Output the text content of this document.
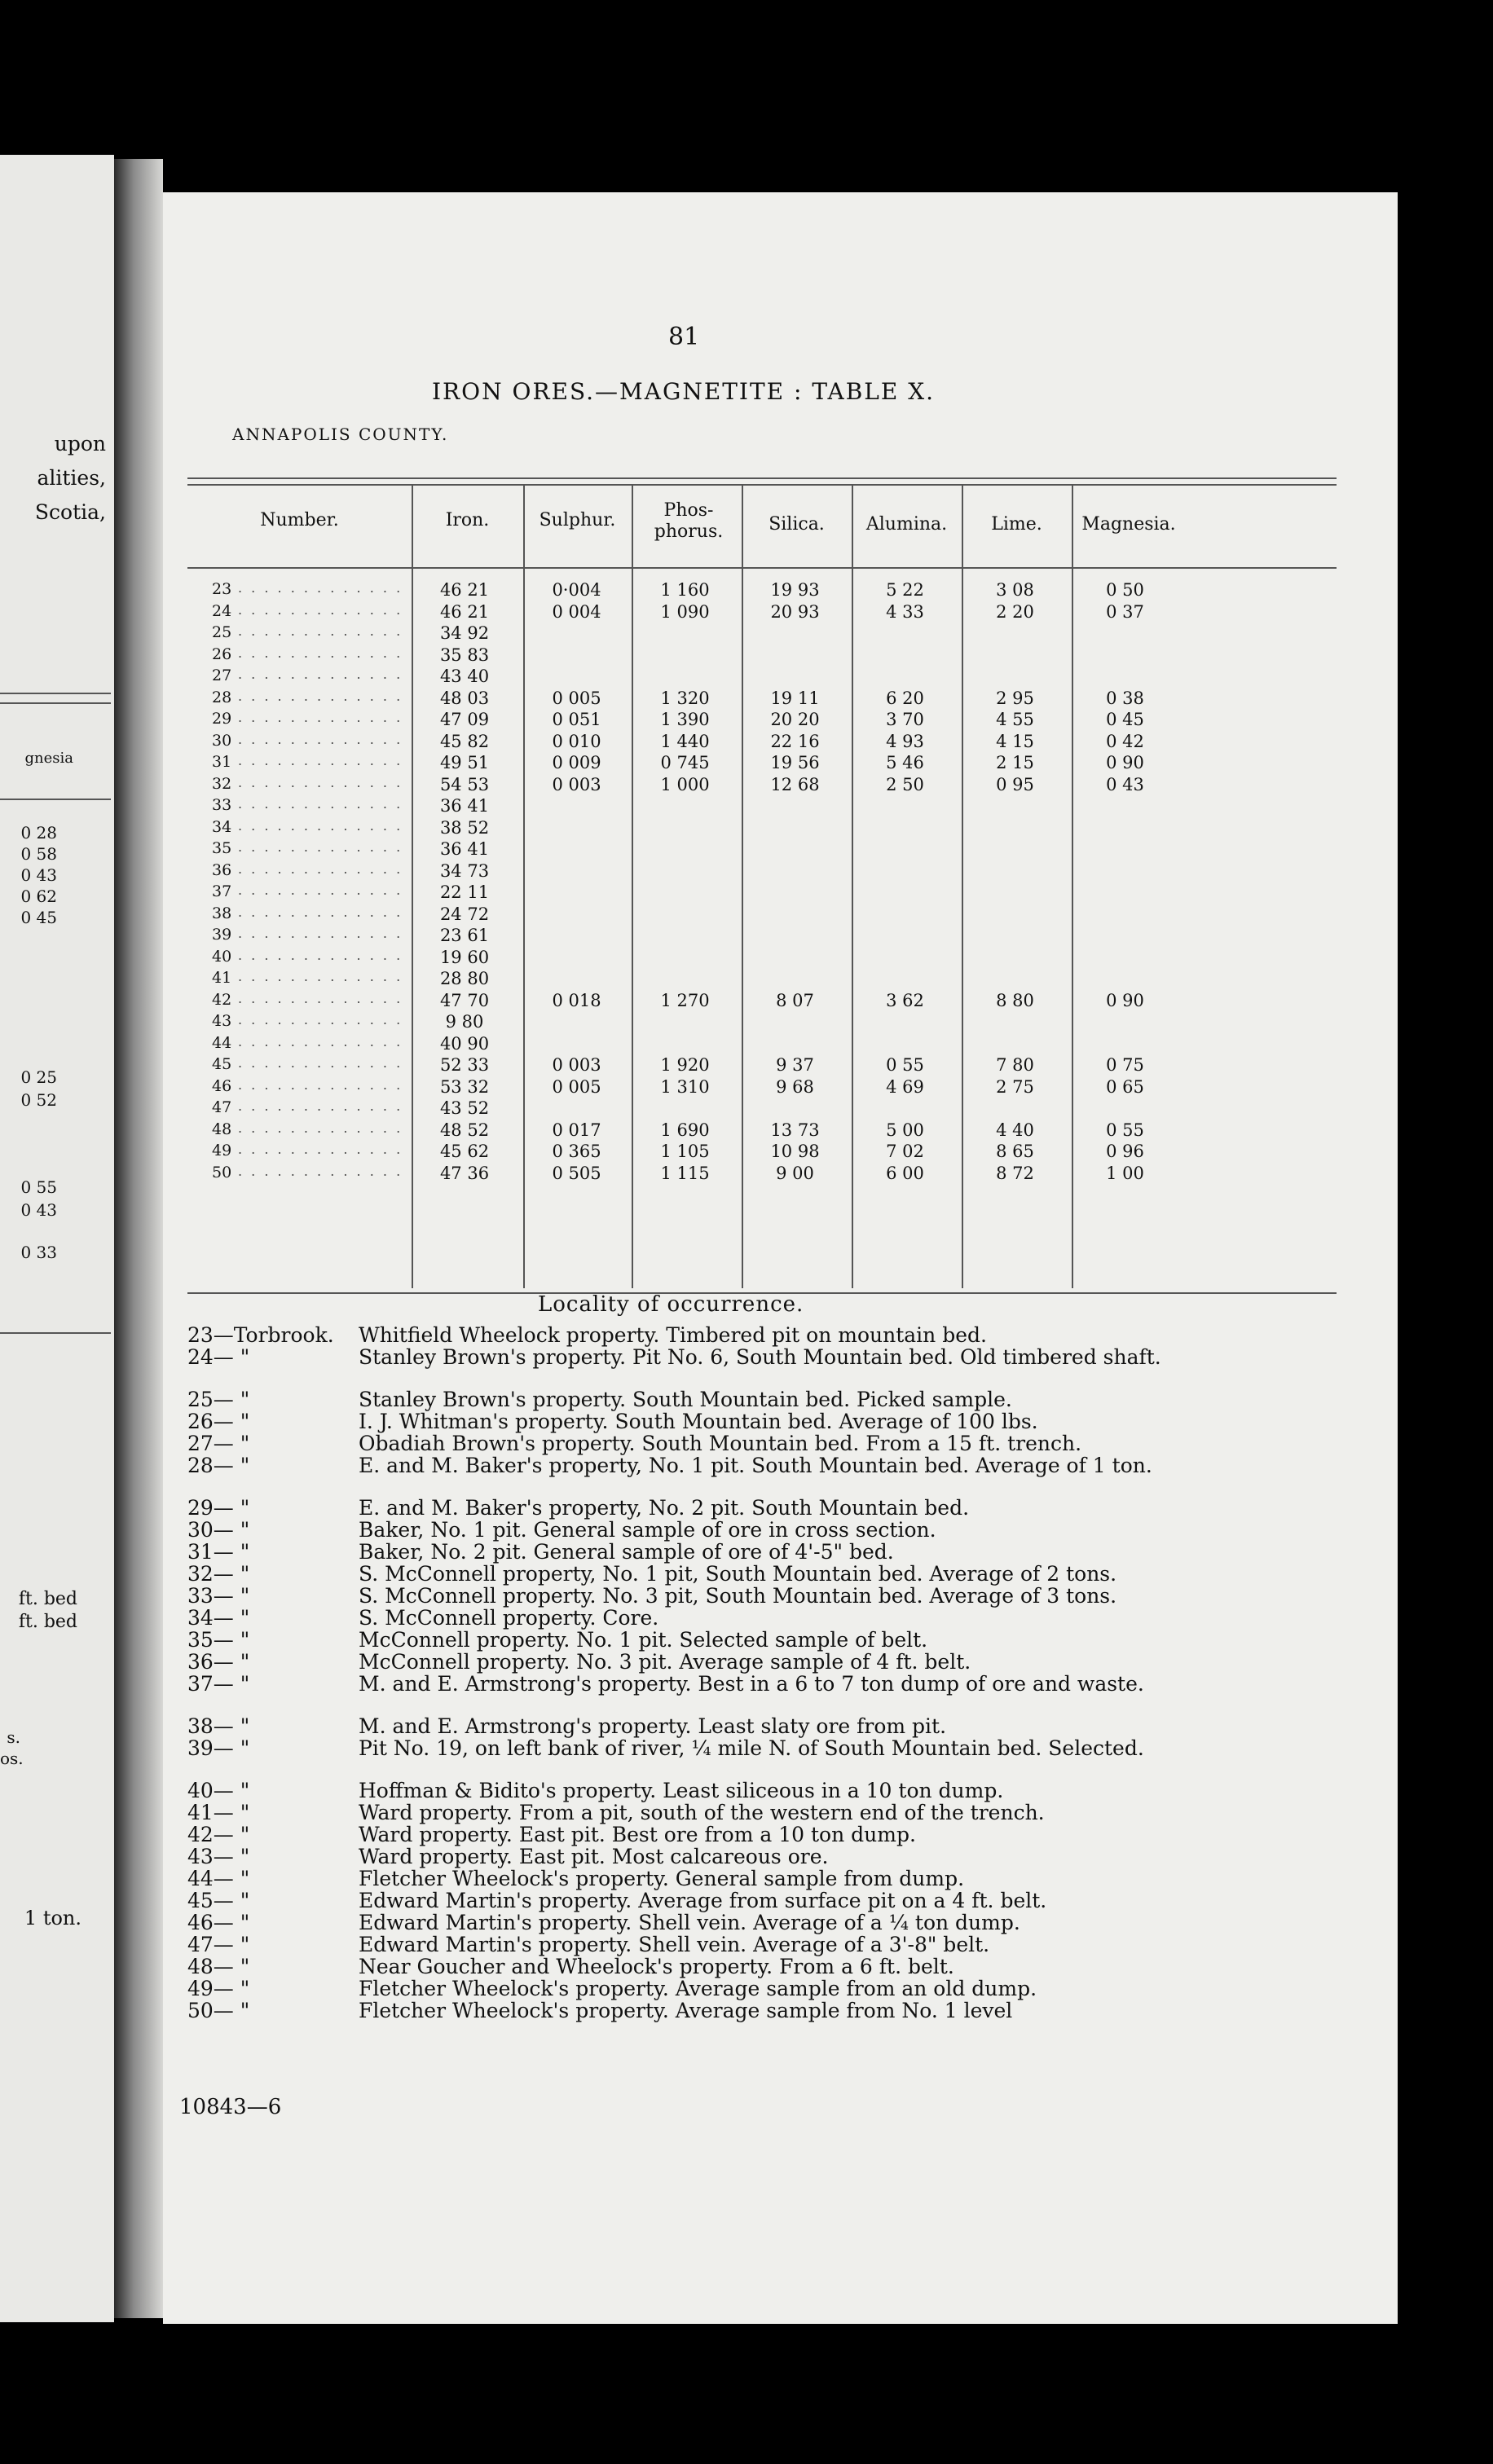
upon
alities,
Scotia,
gnesia
0 28
0 58
0 43
0 62
0 45
0 25
0 52
0 55
0 43
0 33
ft. bed
ft. bed
s.
os.
1 ton.
81
IRON ORES.—MAGNETITE : TABLE X.
ANNAPOLIS COUNTY.
Number.	Iron.	Sulphur.	Phos- phorus.	Silica.	Alumina.	Lime.	Magnesia.
23 . . . . . . . . . . . . .	46 21	0·004	1 160	19 93	5 22	3 08	0 50
24 . . . . . . . . . . . . .	46 21	0 004	1 090	20 93	4 33	2 20	0 37
25 . . . . . . . . . . . . .	34 92
26 . . . . . . . . . . . . .	35 83
27 . . . . . . . . . . . . .	43 40
28 . . . . . . . . . . . . .	48 03	0 005	1 320	19 11	6 20	2 95	0 38
29 . . . . . . . . . . . . .	47 09	0 051	1 390	20 20	3 70	4 55	0 45
30 . . . . . . . . . . . . .	45 82	0 010	1 440	22 16	4 93	4 15	0 42
31 . . . . . . . . . . . . .	49 51	0 009	0 745	19 56	5 46	2 15	0 90
32 . . . . . . . . . . . . .	54 53	0 003	1 000	12 68	2 50	0 95	0 43
33 . . . . . . . . . . . . .	36 41
34 . . . . . . . . . . . . .	38 52
35 . . . . . . . . . . . . .	36 41
36 . . . . . . . . . . . . .	34 73
37 . . . . . . . . . . . . .	22 11
38 . . . . . . . . . . . . .	24 72
39 . . . . . . . . . . . . .	23 61
40 . . . . . . . . . . . . .	19 60
41 . . . . . . . . . . . . .	28 80
42 . . . . . . . . . . . . .	47 70	0 018	1 270	8 07	3 62	8 80	0 90
43 . . . . . . . . . . . . .	9 80
44 . . . . . . . . . . . . .	40 90
45 . . . . . . . . . . . . .	52 33	0 003	1 920	9 37	0 55	7 80	0 75
46 . . . . . . . . . . . . .	53 32	0 005	1 310	9 68	4 69	2 75	0 65
47 . . . . . . . . . . . . .	43 52
48 . . . . . . . . . . . . .	48 52	0 017	1 690	13 73	5 00	4 40	0 55
49 . . . . . . . . . . . . .	45 62	0 365	1 105	10 98	7 02	8 65	0 96
50 . . . . . . . . . . . . .	47 36	0 505	1 115	9 00	6 00	8 72	1 00
Locality of occurrence.
23—Torbrook.	Whitfield Wheelock property. Timbered pit on mountain bed.
24— "	Stanley Brown's property. Pit No. 6, South Mountain bed. Old timbered shaft.
25— "	Stanley Brown's property. South Mountain bed. Picked sample.
26— "	I. J. Whitman's property. South Mountain bed. Average of 100 lbs.
27— "	Obadiah Brown's property. South Mountain bed. From a 15 ft. trench.
28— "	E. and M. Baker's property, No. 1 pit. South Mountain bed. Average of 1 ton.
29— "	E. and M. Baker's property, No. 2 pit. South Mountain bed.
30— "	Baker, No. 1 pit. General sample of ore in cross section.
31— "	Baker, No. 2 pit. General sample of ore of 4'-5" bed.
32— "	S. McConnell property, No. 1 pit, South Mountain bed. Average of 2 tons.
33— "	S. McConnell property. No. 3 pit, South Mountain bed. Average of 3 tons.
34— "	S. McConnell property. Core.
35— "	McConnell property. No. 1 pit. Selected sample of belt.
36— "	McConnell property. No. 3 pit. Average sample of 4 ft. belt.
37— "	M. and E. Armstrong's property. Best in a 6 to 7 ton dump of ore and waste.
38— "	M. and E. Armstrong's property. Least slaty ore from pit.
39— "	Pit No. 19, on left bank of river, ¼ mile N. of South Mountain bed. Selected.
40— "	Hoffman & Bidito's property. Least siliceous in a 10 ton dump.
41— "	Ward property. From a pit, south of the western end of the trench.
42— "	Ward property. East pit. Best ore from a 10 ton dump.
43— "	Ward property. East pit. Most calcareous ore.
44— "	Fletcher Wheelock's property. General sample from dump.
45— "	Edward Martin's property. Average from surface pit on a 4 ft. belt.
46— "	Edward Martin's property. Shell vein. Average of a ¼ ton dump.
47— "	Edward Martin's property. Shell vein. Average of a 3'-8" belt.
48— "	Near Goucher and Wheelock's property. From a 6 ft. belt.
49— "	Fletcher Wheelock's property. Average sample from an old dump.
50— "	Fletcher Wheelock's property. Average sample from No. 1 level
10843—6
